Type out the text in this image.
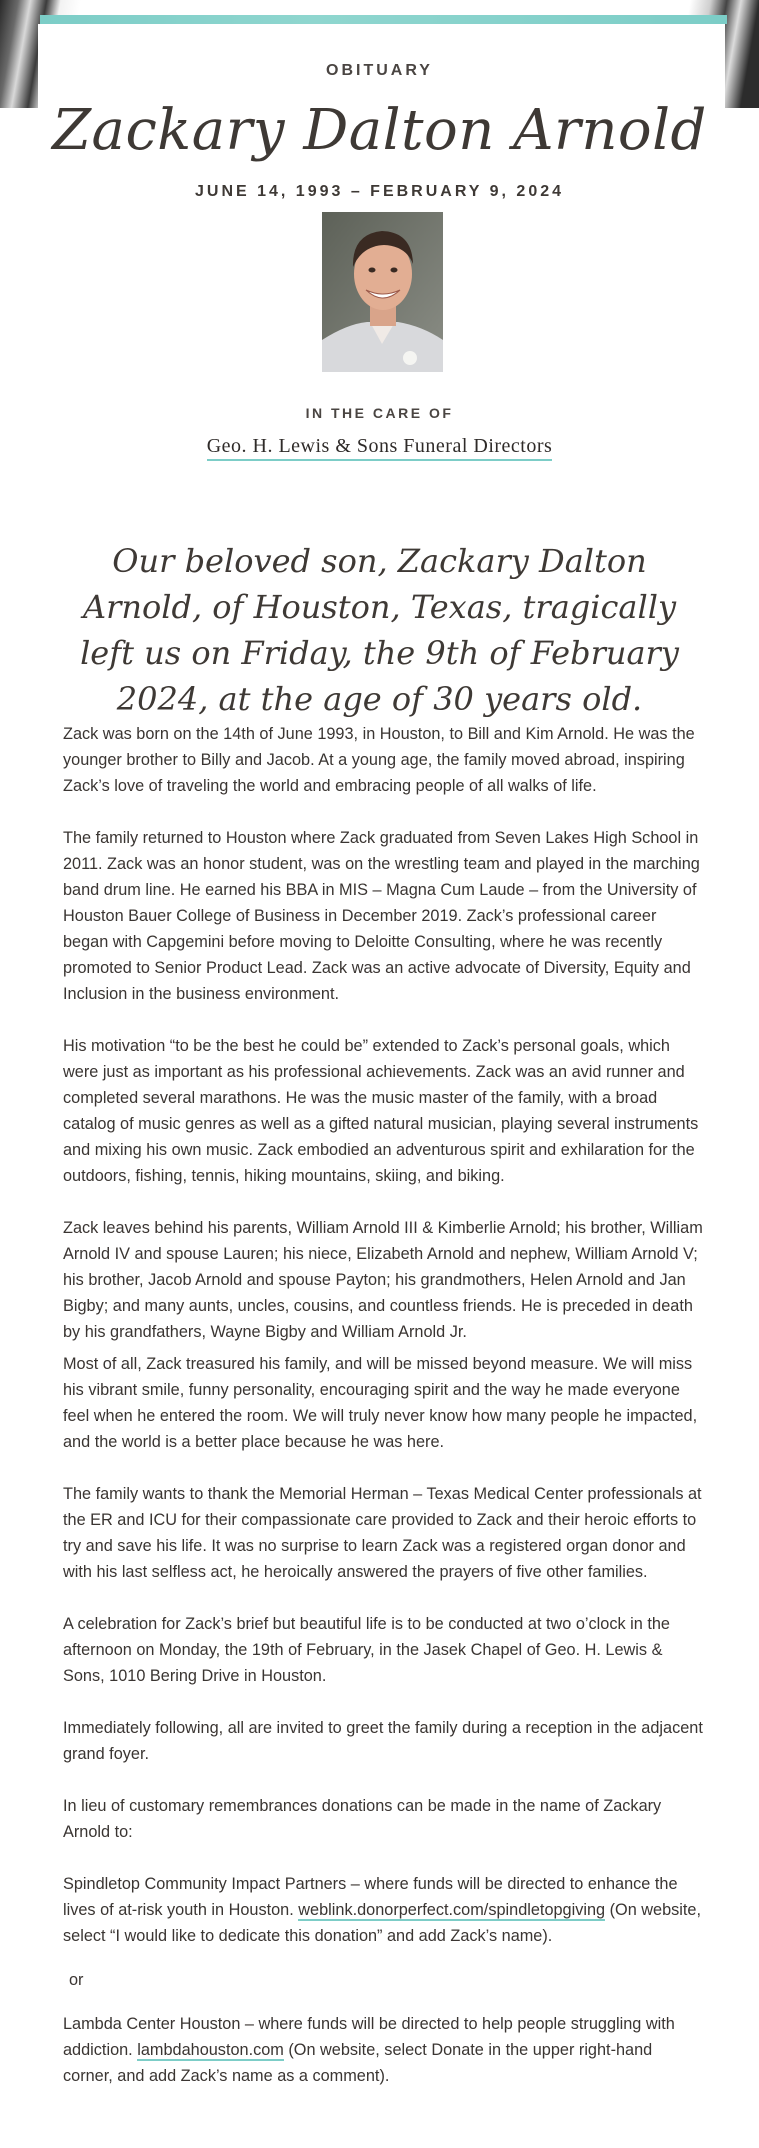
OBITUARY
Zackary Dalton Arnold
JUNE 14, 1993 – FEBRUARY 9, 2024
IN THE CARE OF
Geo. H. Lewis & Sons Funeral Directors
Our beloved son, Zackary Dalton Arnold, of Houston, Texas, tragically left us on Friday, the 9th of February 2024, at the age of 30 years old.

Zack was born on the 14th of June 1993, in Houston, to Bill and Kim Arnold. He was the younger brother to Billy and Jacob. At a young age, the family moved abroad, inspiring Zack’s love of traveling the world and embracing people of all walks of life.

The family returned to Houston where Zack graduated from Seven Lakes High School in 2011. Zack was an honor student, was on the wrestling team and played in the marching band drum line. He earned his BBA in MIS – Magna Cum Laude – from the University of Houston Bauer College of Business in December 2019. Zack’s professional career began with Capgemini before moving to Deloitte Consulting, where he was recently promoted to Senior Product Lead. Zack was an active advocate of Diversity, Equity and Inclusion in the business environment.

His motivation “to be the best he could be” extended to Zack’s personal goals, which were just as important as his professional achievements. Zack was an avid runner and completed several marathons. He was the music master of the family, with a broad catalog of music genres as well as a gifted natural musician, playing several instruments and mixing his own music. Zack embodied an adventurous spirit and exhilaration for the outdoors, fishing, tennis, hiking mountains, skiing, and biking.

Zack leaves behind his parents, William Arnold III & Kimberlie Arnold; his brother, William Arnold IV and spouse Lauren; his niece, Elizabeth Arnold and nephew, William Arnold V; his brother, Jacob Arnold and spouse Payton; his grandmothers, Helen Arnold and Jan Bigby; and many aunts, uncles, cousins, and countless friends. He is preceded in death by his grandfathers, Wayne Bigby and William Arnold Jr.

Most of all, Zack treasured his family, and will be missed beyond measure. We will miss his vibrant smile, funny personality, encouraging spirit and the way he made everyone feel when he entered the room. We will truly never know how many people he impacted, and the world is a better place because he was here.

The family wants to thank the Memorial Herman – Texas Medical Center professionals at the ER and ICU for their compassionate care provided to Zack and their heroic efforts to try and save his life. It was no surprise to learn Zack was a registered organ donor and with his last selfless act, he heroically answered the prayers of five other families.

A celebration for Zack’s brief but beautiful life is to be conducted at two o’clock in the afternoon on Monday, the 19th of February, in the Jasek Chapel of Geo. H. Lewis & Sons, 1010 Bering Drive in Houston.

Immediately following, all are invited to greet the family during a reception in the adjacent grand foyer.

In lieu of customary remembrances donations can be made in the name of Zackary Arnold to:

Spindletop Community Impact Partners – where funds will be directed to enhance the lives of at-risk youth in Houston. weblink.donorperfect.com/spindletopgiving (On website, select “I would like to dedicate this donation” and add Zack’s name).

or

Lambda Center Houston – where funds will be directed to help people struggling with addiction. lambdahouston.com (On website, select Donate in the upper right-hand corner, and add Zack’s name as a comment).
